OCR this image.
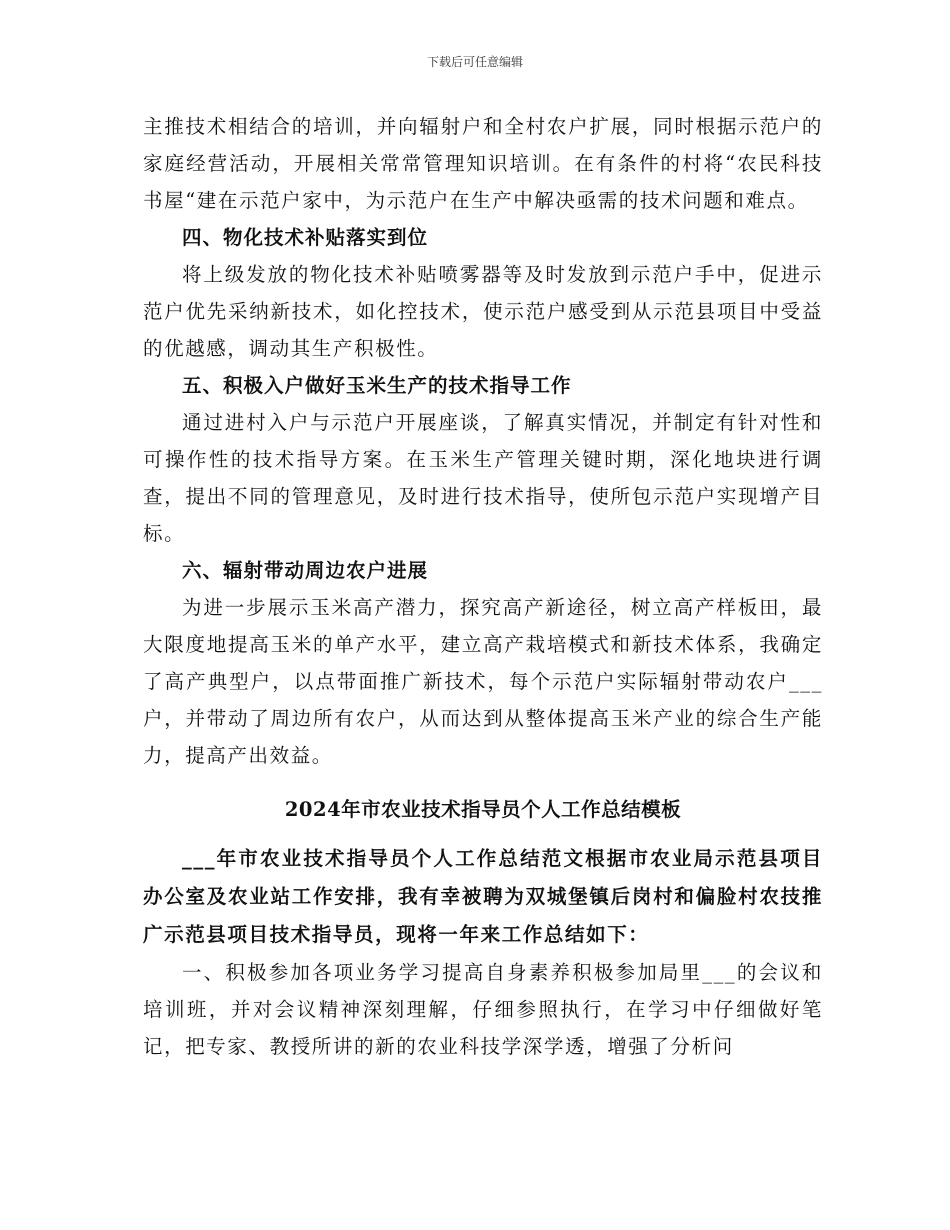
下载后可任意编辑

主推技术相结合的培训，并向辐射户和全村农户扩展，同时根据示范户的家庭经营活动，开展相关常常管理知识培训。在有条件的村将“农民科技书屋“建在示范户家中，为示范户在生产中解决亟需的技术问题和难点。

四、物化技术补贴落实到位

将上级发放的物化技术补贴喷雾器等及时发放到示范户手中，促进示范户优先采纳新技术，如化控技术，使示范户感受到从示范县项目中受益的优越感，调动其生产积极性。

五、积极入户做好玉米生产的技术指导工作

通过进村入户与示范户开展座谈，了解真实情况，并制定有针对性和可操作性的技术指导方案。在玉米生产管理关键时期，深化地块进行调查，提出不同的管理意见，及时进行技术指导，使所包示范户实现增产目标。

六、辐射带动周边农户进展

为进一步展示玉米高产潜力，探究高产新途径，树立高产样板田，最大限度地提高玉米的单产水平，建立高产栽培模式和新技术体系，我确定了高产典型户，以点带面推广新技术，每个示范户实际辐射带动农户___户，并带动了周边所有农户，从而达到从整体提高玉米产业的综合生产能力，提高产出效益。

2024年市农业技术指导员个人工作总结模板

___年市农业技术指导员个人工作总结范文根据市农业局示范县项目办公室及农业站工作安排，我有幸被聘为双城堡镇后岗村和偏脸村农技推广示范县项目技术指导员，现将一年来工作总结如下：

一、积极参加各项业务学习提高自身素养积极参加局里___的会议和培训班，并对会议精神深刻理解，仔细参照执行，在学习中仔细做好笔记，把专家、教授所讲的新的农业科技学深学透，增强了分析问
